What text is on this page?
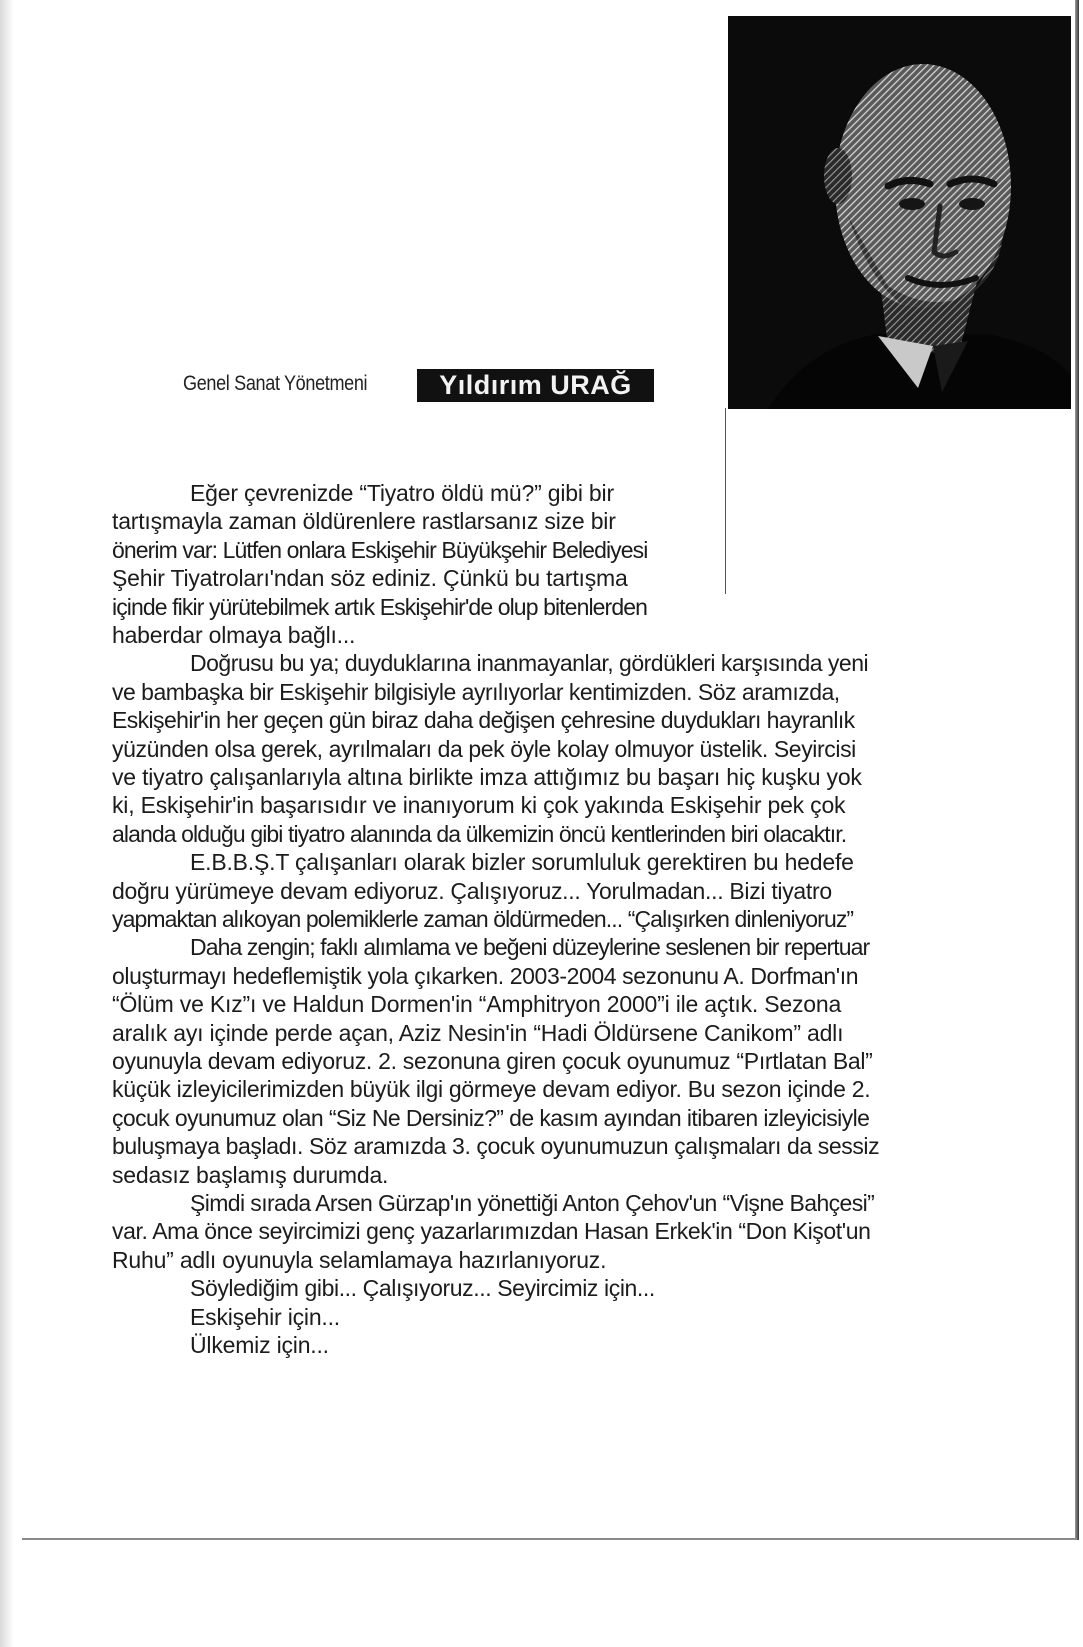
Genel Sanat Yönetmeni	Yıldırım URAĞ
Eğer çevrenizde “Tiyatro öldü mü?” gibi bir
tartışmayla zaman öldürenlere rastlarsanız size bir
önerim var: Lütfen onlara Eskişehir Büyükşehir Belediyesi
Şehir Tiyatroları'ndan söz ediniz. Çünkü bu tartışma
içinde fikir yürütebilmek artık Eskişehir'de olup bitenlerden
haberdar olmaya bağlı...
Doğrusu bu ya; duyduklarına inanmayanlar, gördükleri karşısında yeni
ve bambaşka bir Eskişehir bilgisiyle ayrılıyorlar kentimizden. Söz aramızda,
Eskişehir'in her geçen gün biraz daha değişen çehresine duydukları hayranlık
yüzünden olsa gerek, ayrılmaları da pek öyle kolay olmuyor üstelik. Seyircisi
ve tiyatro çalışanlarıyla altına birlikte imza attığımız bu başarı hiç kuşku yok
ki, Eskişehir'in başarısıdır ve inanıyorum ki çok yakında Eskişehir pek çok
alanda olduğu gibi tiyatro alanında da ülkemizin öncü kentlerinden biri olacaktır.
E.B.B.Ş.T çalışanları olarak bizler sorumluluk gerektiren bu hedefe
doğru yürümeye devam ediyoruz. Çalışıyoruz... Yorulmadan... Bizi tiyatro
yapmaktan alıkoyan polemiklerle zaman öldürmeden... “Çalışırken dinleniyoruz”
Daha zengin; faklı alımlama ve beğeni düzeylerine seslenen bir repertuar
oluşturmayı hedeflemiştik yola çıkarken. 2003-2004 sezonunu A. Dorfman'ın
“Ölüm ve Kız”ı ve Haldun Dormen'in “Amphitryon 2000”i ile açtık. Sezona
aralık ayı içinde perde açan, Aziz Nesin'in “Hadi Öldürsene Canikom” adlı
oyunuyla devam ediyoruz. 2. sezonuna giren çocuk oyunumuz “Pırtlatan Bal”
küçük izleyicilerimizden büyük ilgi görmeye devam ediyor. Bu sezon içinde 2.
çocuk oyunumuz olan “Siz Ne Dersiniz?” de kasım ayından itibaren izleyicisiyle
buluşmaya başladı. Söz aramızda 3. çocuk oyunumuzun çalışmaları da sessiz
sedasız başlamış durumda.
Şimdi sırada Arsen Gürzap'ın yönettiği Anton Çehov'un “Vişne Bahçesi”
var. Ama önce seyircimizi genç yazarlarımızdan Hasan Erkek'in “Don Kişot'un
Ruhu” adlı oyunuyla selamlamaya hazırlanıyoruz.
Söylediğim gibi... Çalışıyoruz... Seyircimiz için...
Eskişehir için...
Ülkemiz için...
